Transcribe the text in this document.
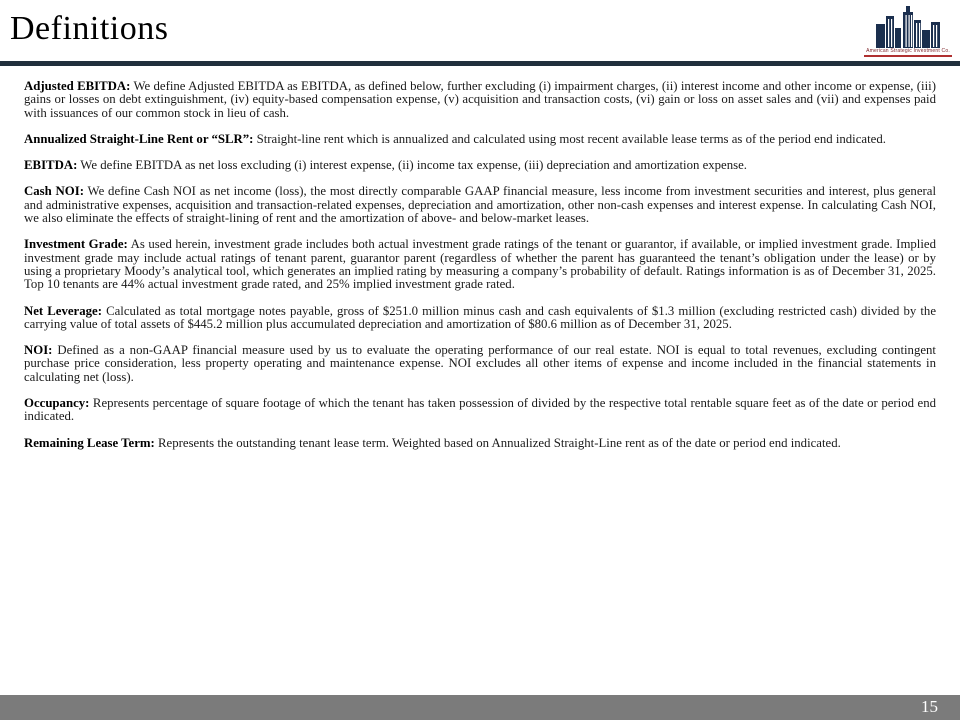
Definitions
American Strategic Investment Co.

Adjusted EBITDA: We define Adjusted EBITDA as EBITDA, as defined below, further excluding (i) impairment charges, (ii) interest income and other income or expense, (iii) gains or losses on debt extinguishment, (iv) equity-based compensation expense, (v) acquisition and transaction costs, (vi) gain or loss on asset sales and (vii) and expenses paid with issuances of our common stock in lieu of cash.

Annualized Straight-Line Rent or “SLR”: Straight-line rent which is annualized and calculated using most recent available lease terms as of the period end indicated.

EBITDA: We define EBITDA as net loss excluding (i) interest expense, (ii) income tax expense, (iii) depreciation and amortization expense.

Cash NOI: We define Cash NOI as net income (loss), the most directly comparable GAAP financial measure, less income from investment securities and interest, plus general and administrative expenses, acquisition and transaction-related expenses, depreciation and amortization, other non-cash expenses and interest expense. In calculating Cash NOI, we also eliminate the effects of straight-lining of rent and the amortization of above- and below-market leases.

Investment Grade: As used herein, investment grade includes both actual investment grade ratings of the tenant or guarantor, if available, or implied investment grade. Implied investment grade may include actual ratings of tenant parent, guarantor parent (regardless of whether the parent has guaranteed the tenant’s obligation under the lease) or by using a proprietary Moody’s analytical tool, which generates an implied rating by measuring a company’s probability of default. Ratings information is as of December 31, 2025. Top 10 tenants are 44% actual investment grade rated, and 25% implied investment grade rated.

Net Leverage: Calculated as total mortgage notes payable, gross of $251.0 million minus cash and cash equivalents of $1.3 million (excluding restricted cash) divided by the carrying value of total assets of $445.2 million plus accumulated depreciation and amortization of $80.6 million as of December 31, 2025.

NOI: Defined as a non-GAAP financial measure used by us to evaluate the operating performance of our real estate. NOI is equal to total revenues, excluding contingent purchase price consideration, less property operating and maintenance expense. NOI excludes all other items of expense and income included in the financial statements in calculating net (loss).

Occupancy: Represents percentage of square footage of which the tenant has taken possession of divided by the respective total rentable square feet as of the date or period end indicated.

Remaining Lease Term: Represents the outstanding tenant lease term. Weighted based on Annualized Straight-Line rent as of the date or period end indicated.

15
